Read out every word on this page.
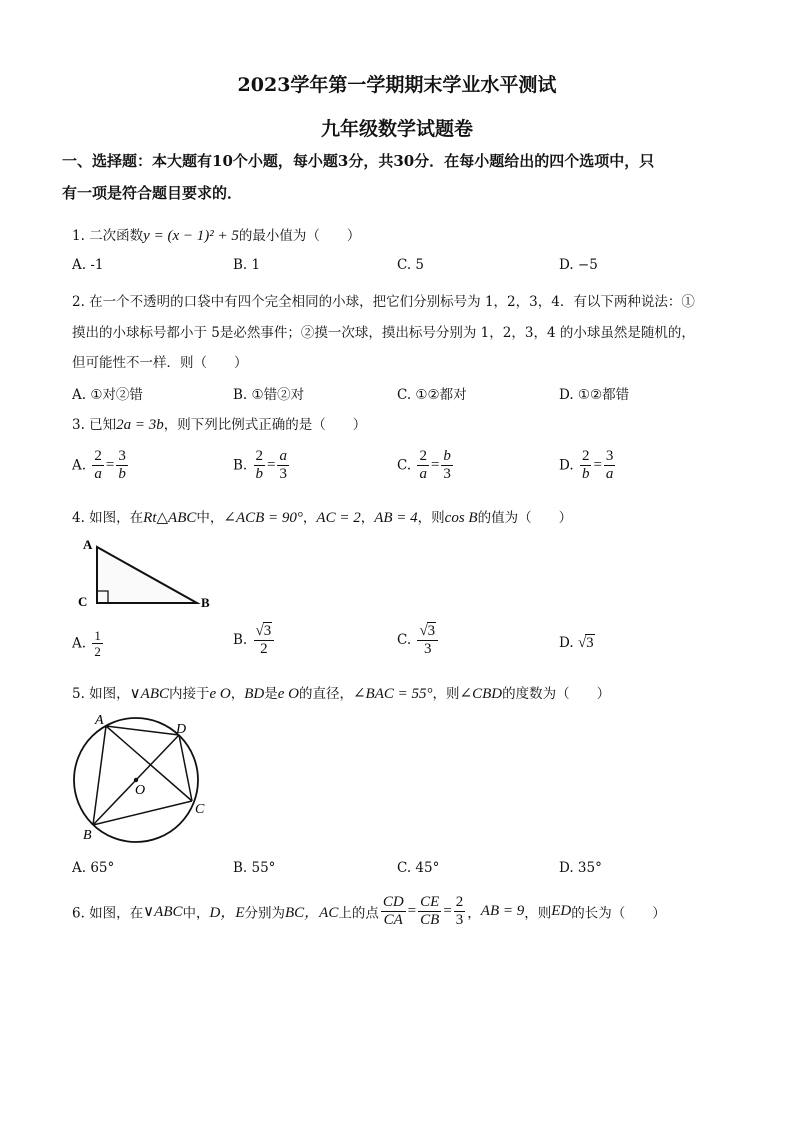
2023学年第一学期期末学业水平测试
九年级数学试题卷
一、选择题：本大题有10个小题，每小题3分，共30分．在每小题给出的四个选项中，只
有一项是符合题目要求的．
1. 二次函数y = (x − 1)² + 5的最小值为（　　）
A. -1	B. 1	C. 5	D. −5
2. 在一个不透明的口袋中有四个完全相同的小球，把它们分别标号为 1，2，3，4．有以下两种说法：①
摸出的小球标号都小于 5是必然事件；②摸一次球，摸出标号分别为 1，2，3，4 的小球虽然是随机的，
但可能性不一样．则（　　）
A. ①对②错	B. ①错②对	C. ①②都对	D. ①②都错
3. 已知2a = 3b，则下列比例式正确的是（　　）
A. $\frac{2}{a} = \frac{3}{b}$	B. $\frac{2}{b} = \frac{a}{3}$	C. $\frac{2}{a} = \frac{b}{3}$	D. $\frac{2}{b} = \frac{3}{a}$
4. 如图，在Rt△ABC中，∠ACB = 90°，AC = 2，AB = 4，则cos B的值为（　　）
A
C	B
A. $\frac{1}{2}$	B. $\frac{√3}{2}$	C. $\frac{√3}{3}$	D. √3
5. 如图，∨ABC内接于e O，BD是e O的直径，∠BAC = 55°，则∠CBD的度数为（　　）
A
D
C
B
O
A. 65°	B. 55°	C. 45°	D. 35°
6. 如图，在∨ABC中，D，E分别为BC，AC上的点 $\frac{CD}{CA} = \frac{CE}{CB} = \frac{2}{3}$ ，AB = 9，则ED的长为（　　）
